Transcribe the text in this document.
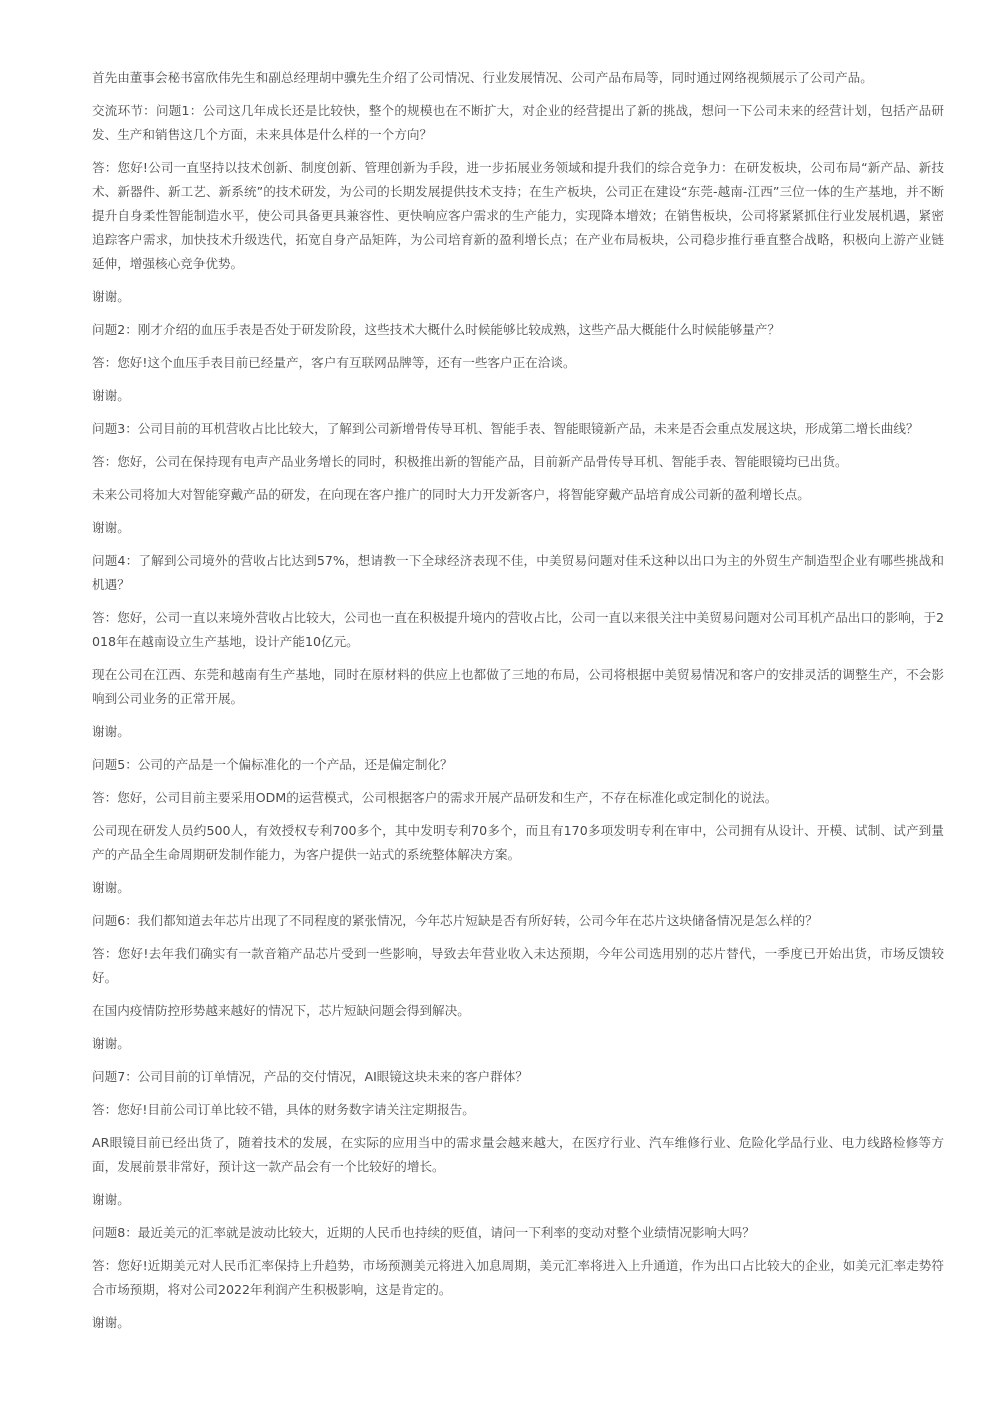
首先由董事会秘书富欣伟先生和副总经理胡中骥先生介绍了公司情况、行业发展情况、公司产品布局等，同时通过网络视频展示了公司产品。

交流环节：问题1：公司这几年成长还是比较快，整个的规模也在不断扩大，对企业的经营提出了新的挑战，想问一下公司未来的经营计划，包括产品研发、生产和销售这几个方面，未来具体是什么样的一个方向？

答：您好!公司一直坚持以技术创新、制度创新、管理创新为手段，进一步拓展业务领域和提升我们的综合竞争力：在研发板块，公司布局“新产品、新技术、新器件、新工艺、新系统”的技术研发，为公司的长期发展提供技术支持；在生产板块，公司正在建设“东莞-越南-江西”三位一体的生产基地，并不断提升自身柔性智能制造水平，使公司具备更具兼容性、更快响应客户需求的生产能力，实现降本增效；在销售板块，公司将紧紧抓住行业发展机遇，紧密追踪客户需求，加快技术升级迭代，拓宽自身产品矩阵，为公司培育新的盈利增长点；在产业布局板块，公司稳步推行垂直整合战略，积极向上游产业链延伸，增强核心竞争优势。

谢谢。

问题2：刚才介绍的血压手表是否处于研发阶段，这些技术大概什么时候能够比较成熟，这些产品大概能什么时候能够量产？

答：您好!这个血压手表目前已经量产，客户有互联网品牌等，还有一些客户正在洽谈。

谢谢。

问题3：公司目前的耳机营收占比比较大，了解到公司新增骨传导耳机、智能手表、智能眼镜新产品，未来是否会重点发展这块，形成第二增长曲线？

答：您好，公司在保持现有电声产品业务增长的同时，积极推出新的智能产品，目前新产品骨传导耳机、智能手表、智能眼镜均已出货。

未来公司将加大对智能穿戴产品的研发，在向现在客户推广的同时大力开发新客户，将智能穿戴产品培育成公司新的盈利增长点。

谢谢。

问题4：了解到公司境外的营收占比达到57%，想请教一下全球经济表现不佳，中美贸易问题对佳禾这种以出口为主的外贸生产制造型企业有哪些挑战和机遇？

答：您好，公司一直以来境外营收占比较大，公司也一直在积极提升境内的营收占比，公司一直以来很关注中美贸易问题对公司耳机产品出口的影响，于2018年在越南设立生产基地，设计产能10亿元。

现在公司在江西、东莞和越南有生产基地，同时在原材料的供应上也都做了三地的布局，公司将根据中美贸易情况和客户的安排灵活的调整生产，不会影响到公司业务的正常开展。

谢谢。

问题5：公司的产品是一个偏标准化的一个产品，还是偏定制化？

答：您好，公司目前主要采用ODM的运营模式，公司根据客户的需求开展产品研发和生产，不存在标准化或定制化的说法。

公司现在研发人员约500人，有效授权专利700多个，其中发明专利70多个，而且有170多项发明专利在审中，公司拥有从设计、开模、试制、试产到量产的产品全生命周期研发制作能力，为客户提供一站式的系统整体解决方案。

谢谢。

问题6：我们都知道去年芯片出现了不同程度的紧张情况，今年芯片短缺是否有所好转，公司今年在芯片这块储备情况是怎么样的？

答：您好!去年我们确实有一款音箱产品芯片受到一些影响，导致去年营业收入未达预期，今年公司选用别的芯片替代，一季度已开始出货，市场反馈较好。

在国内疫情防控形势越来越好的情况下，芯片短缺问题会得到解决。

谢谢。

问题7：公司目前的订单情况，产品的交付情况，AI眼镜这块未来的客户群体？

答：您好!目前公司订单比较不错，具体的财务数字请关注定期报告。

AR眼镜目前已经出货了，随着技术的发展，在实际的应用当中的需求量会越来越大，在医疗行业、汽车维修行业、危险化学品行业、电力线路检修等方面，发展前景非常好，预计这一款产品会有一个比较好的增长。

谢谢。

问题8：最近美元的汇率就是波动比较大，近期的人民币也持续的贬值，请问一下利率的变动对整个业绩情况影响大吗？

答：您好!近期美元对人民币汇率保持上升趋势，市场预测美元将进入加息周期，美元汇率将进入上升通道，作为出口占比较大的企业，如美元汇率走势符合市场预期，将对公司2022年利润产生积极影响，这是肯定的。

谢谢。
